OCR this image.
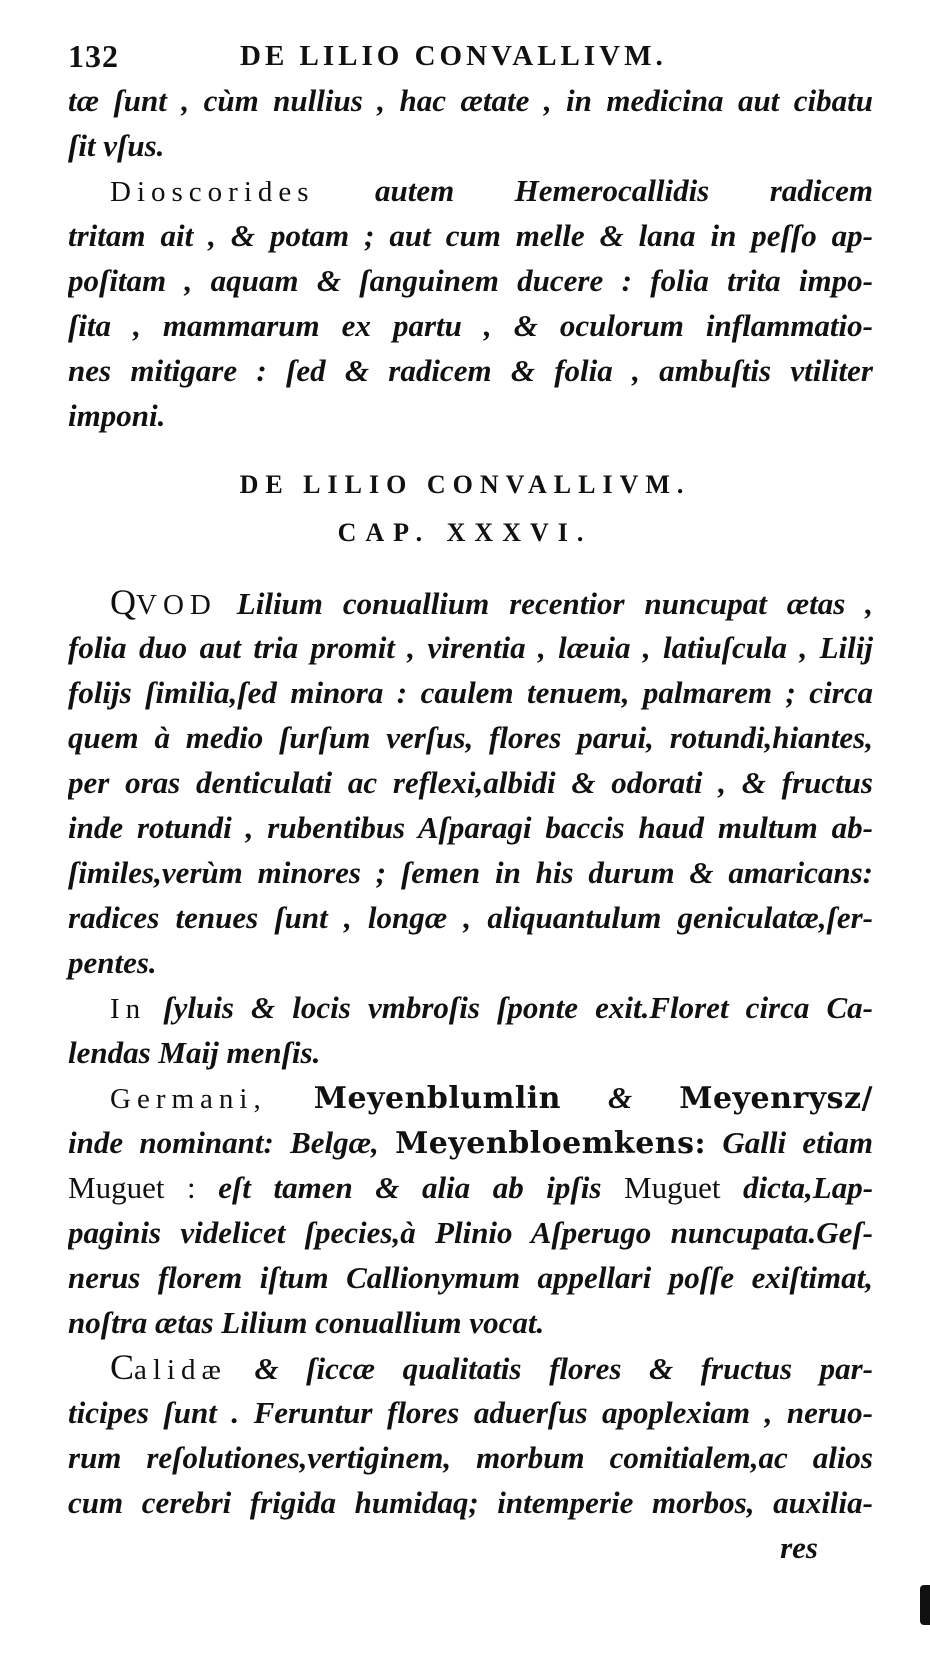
132	DE LILIO CONVALLIVM.
tæ ſunt , cùm nullius , hac ætate , in medicina aut cibatu
ſit vſus.
Dioscorides autem Hemerocallidis radicem
tritam ait , & potam ; aut cum melle & lana in peſſo ap-
poſitam , aquam & ſanguinem ducere : folia trita impo-
ſita , mammarum ex partu , & oculorum inflammatio-
nes mitigare : ſed & radicem & folia , ambuſtis vtiliter
imponi.
DE LILIO CONVALLIVM.
CAP. XXXVI.
QVOD Lilium conuallium recentior nuncupat ætas ,
folia duo aut tria promit , virentia , læuia , latiuſcula , Lilij
folijs ſimilia,ſed minora : caulem tenuem, palmarem ; circa
quem à medio ſurſum verſus, flores parui, rotundi,hiantes,
per oras denticulati ac reflexi,albidi & odorati , & fructus
inde rotundi , rubentibus Aſparagi baccis haud multum ab-
ſimiles,verùm minores ; ſemen in his durum & amaricans:
radices tenues ſunt , longæ , aliquantulum geniculatæ,ſer-
pentes.
In ſyluis & locis vmbroſis ſponte exit.Floret circa Ca-
lendas Maij menſis.
Germani, Meyenblumlin & Meyenrysz/
inde nominant: Belgæ, Meyenbloemkens: Galli etiam
Muguet : eſt tamen & alia ab ipſis Muguet dicta,Lap-
paginis videlicet ſpecies,à Plinio Aſperugo nuncupata.Geſ-
nerus florem iſtum Callionymum appellari poſſe exiſtimat,
noſtra ætas Lilium conuallium vocat.
Calidæ & ſiccæ qualitatis flores & fructus par-
ticipes ſunt . Feruntur flores aduerſus apoplexiam , neruo-
rum reſolutiones,vertiginem, morbum comitialem,ac alios
cum cerebri frigida humidaq; intemperie morbos, auxilia-
res
